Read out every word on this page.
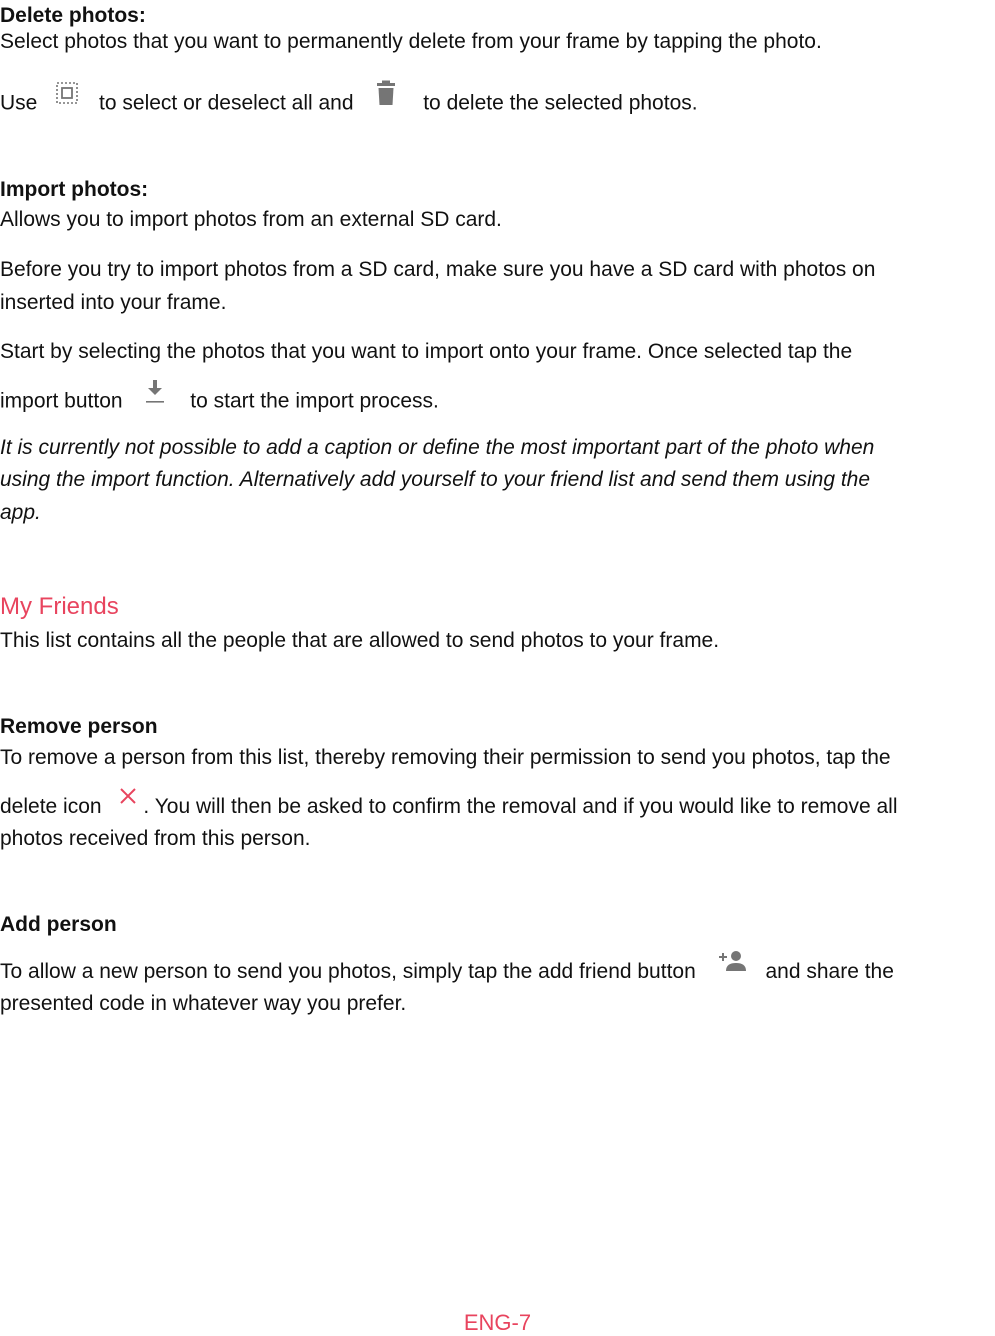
Delete photos:
Select photos that you want to permanently delete from your frame by tapping the photo.
Use	to select or deselect all and	to delete the selected photos.
Import photos:
Allows you to import photos from an external SD card.
Before you try to import photos from a SD card, make sure you have a SD card with photos on
inserted into your frame.
Start by selecting the photos that you want to import onto your frame. Once selected tap the
import button	to start the import process.
It is currently not possible to add a caption or define the most important part of the photo when
using the import function. Alternatively add yourself to your friend list and send them using the
app.
My Friends
This list contains all the people that are allowed to send photos to your frame.
Remove person
To remove a person from this list, thereby removing their permission to send you photos, tap the
delete icon . You will then be asked to confirm the removal and if you would like to remove all
photos received from this person.
Add person
To allow a new person to send you photos, simply tap the add friend button	and share the
presented code in whatever way you prefer.
ENG-7
